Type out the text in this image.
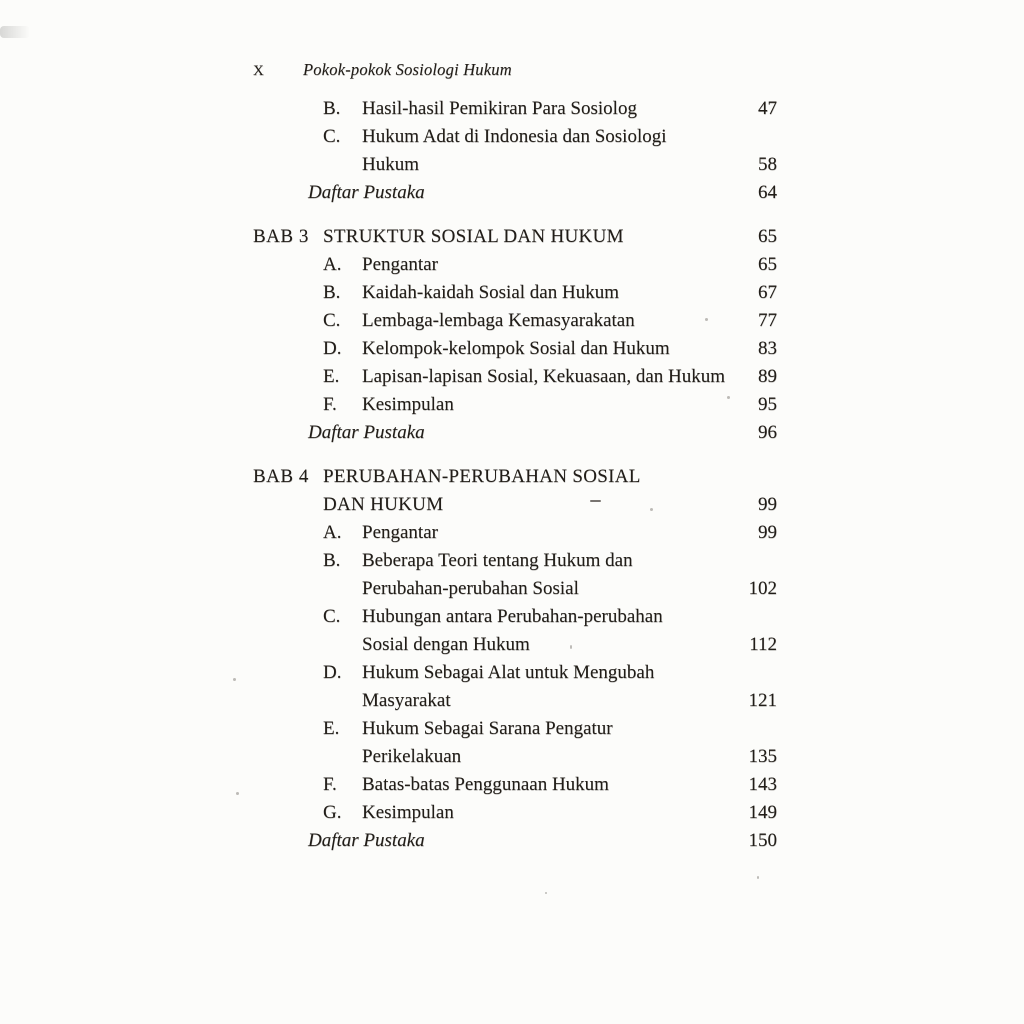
X	Pokok-pokok Sosiologi Hukum
B.	Hasil-hasil Pemikiran Para Sosiolog	47
C.	Hukum Adat di Indonesia dan Sosiologi
Hukum	58
Daftar Pustaka	64
BAB 3 STRUKTUR SOSIAL DAN HUKUM	65
A.	Pengantar	65
B.	Kaidah-kaidah Sosial dan Hukum	67
C.	Lembaga-lembaga Kemasyarakatan	77
D.	Kelompok-kelompok Sosial dan Hukum	83
E.	Lapisan-lapisan Sosial, Kekuasaan, dan Hukum	89
F.	Kesimpulan	95
Daftar Pustaka	96
BAB 4 PERUBAHAN-PERUBAHAN SOSIAL
DAN HUKUM	99
A.	Pengantar	99
B.	Beberapa Teori tentang Hukum dan
Perubahan-perubahan Sosial	102
C.	Hubungan antara Perubahan-perubahan
Sosial dengan Hukum	112
D.	Hukum Sebagai Alat untuk Mengubah
Masyarakat	121
E.	Hukum Sebagai Sarana Pengatur
Perikelakuan	135
F.	Batas-batas Penggunaan Hukum	143
G.	Kesimpulan	149
Daftar Pustaka	150
